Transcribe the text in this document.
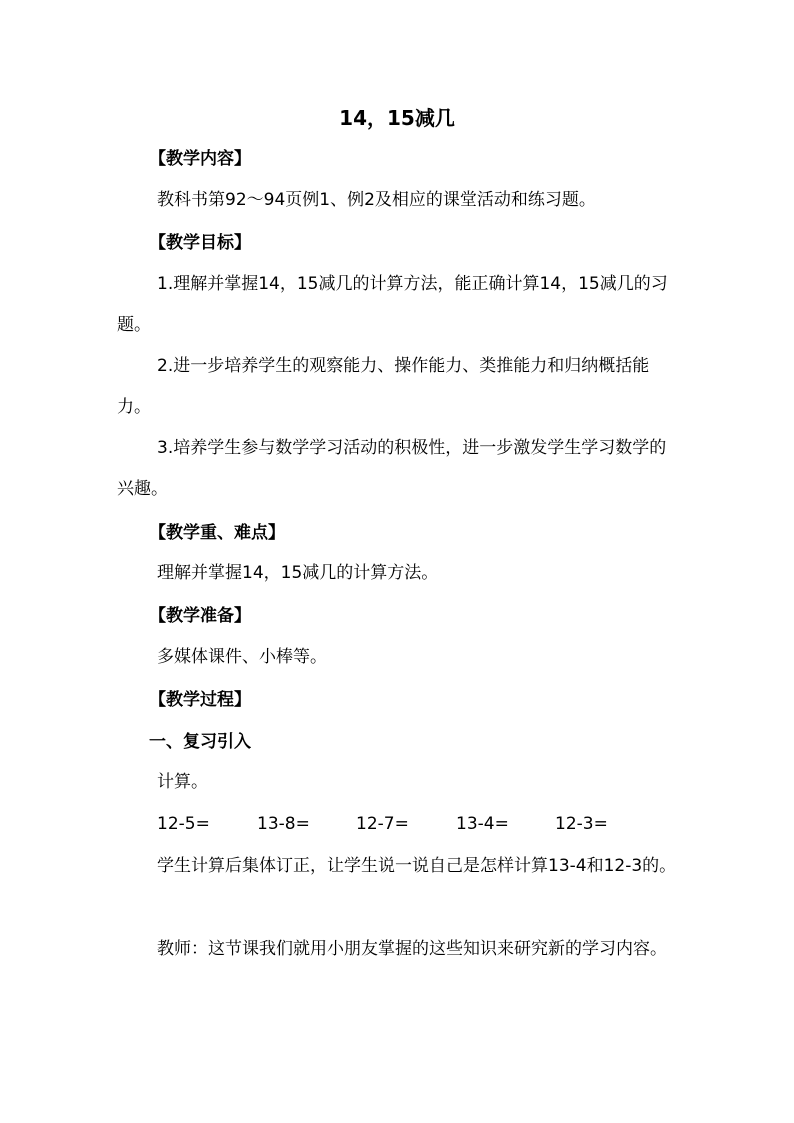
14，15减几
【教学内容】

教科书第92～94页例1、例2及相应的课堂活动和练习题。

【教学目标】

1.理解并掌握14，15减几的计算方法，能正确计算14，15减几的习题。

2.进一步培养学生的观察能力、操作能力、类推能力和归纳概括能力。

3.培养学生参与数学学习活动的积极性，进一步激发学生学习数学的兴趣。

【教学重、难点】

理解并掌握14，15减几的计算方法。

【教学准备】

多媒体课件、小棒等。

【教学过程】
一、复习引入

计算。

12-5=	13-8=	12-7=	13-4=	12-3=

学生计算后集体订正，让学生说一说自己是怎样计算13-4和12-3的。

教师：这节课我们就用小朋友掌握的这些知识来研究新的学习内容。
